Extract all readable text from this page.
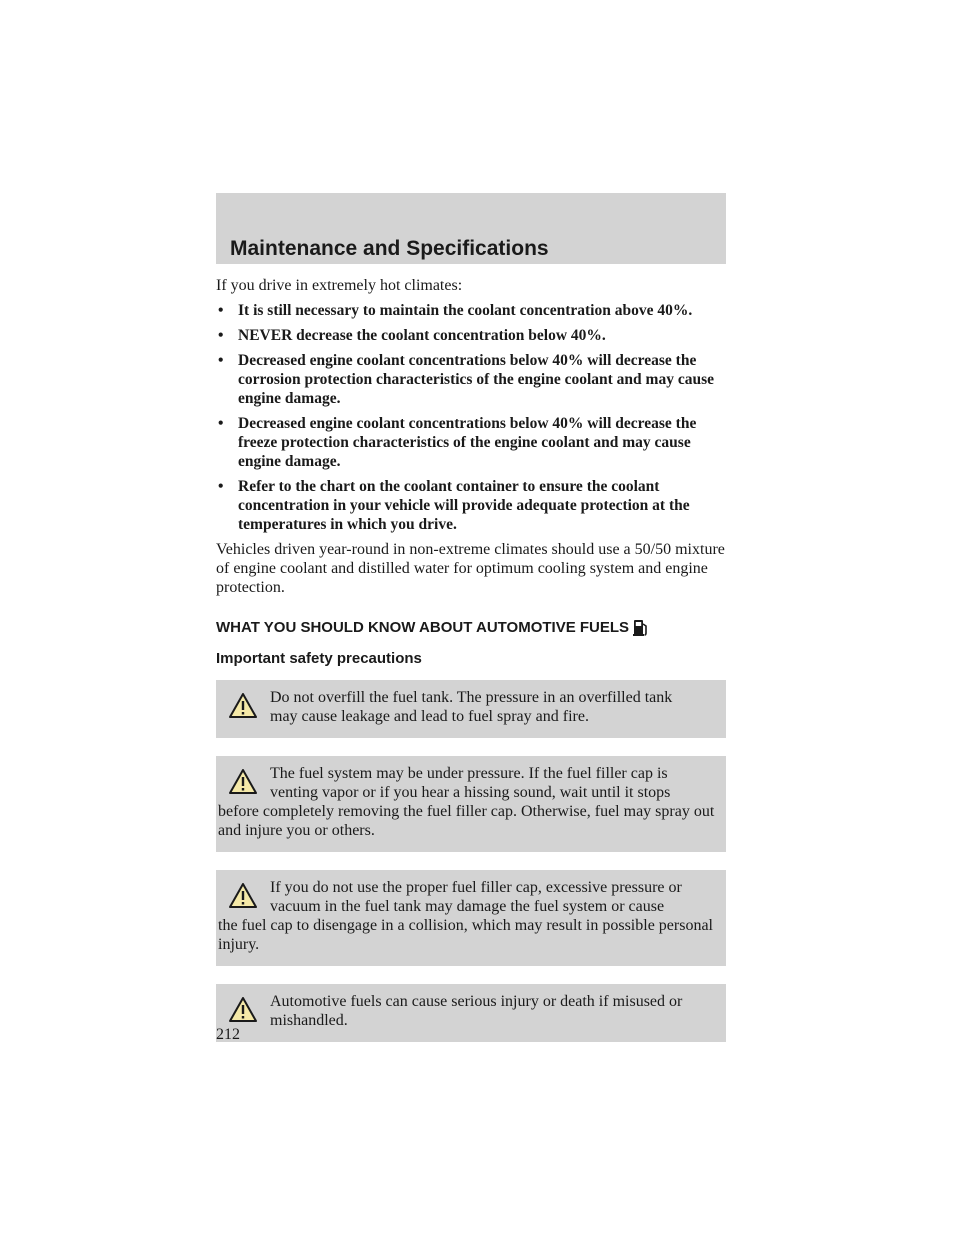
Maintenance and Specifications

If you drive in extremely hot climates:

• It is still necessary to maintain the coolant concentration above 40%.
• NEVER decrease the coolant concentration below 40%.
• Decreased engine coolant concentrations below 40% will decrease the corrosion protection characteristics of the engine coolant and may cause engine damage.
• Decreased engine coolant concentrations below 40% will decrease the freeze protection characteristics of the engine coolant and may cause engine damage.
• Refer to the chart on the coolant container to ensure the coolant concentration in your vehicle will provide adequate protection at the temperatures in which you drive.

Vehicles driven year-round in non-extreme climates should use a 50/50 mixture of engine coolant and distilled water for optimum cooling system and engine protection.

WHAT YOU SHOULD KNOW ABOUT AUTOMOTIVE FUELS
Important safety precautions
Do not overfill the fuel tank. The pressure in an overfilled tank
may cause leakage and lead to fuel spray and fire.
The fuel system may be under pressure. If the fuel filler cap is
venting vapor or if you hear a hissing sound, wait until it stops
before completely removing the fuel filler cap. Otherwise, fuel may spray out and injure you or others.
If you do not use the proper fuel filler cap, excessive pressure or
vacuum in the fuel tank may damage the fuel system or cause
the fuel cap to disengage in a collision, which may result in possible personal injury.
Automotive fuels can cause serious injury or death if misused or
mishandled.
212
